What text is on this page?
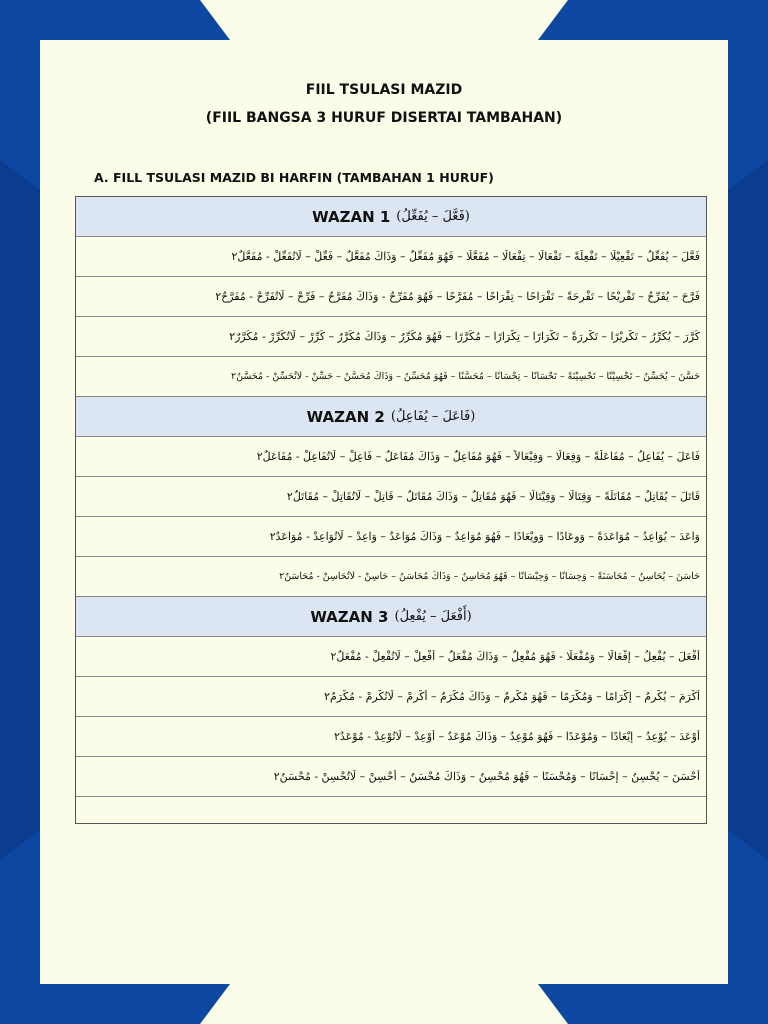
FIIL TSULASI MAZID
(FIIL BANGSA 3 HURUF DISERTAI TAMBAHAN)
A. FILL TSULASI MAZID BI HARFIN (TAMBAHAN 1 HURUF)
WAZAN 1 (فَعَّلَ – يُفَعِّلُ)
فَعَّلَ – يُفَعِّلُ – تَفْعِيْلًا – تَفْعِلَةً – تَفْعَالًا – تِفْعَالًا – مُفَعَّلًا – فَهُوَ مُفَعِّلٌ – وَذَاكَ مُفَعَّلٌ – فَعِّلْ – لَاتُفَعِّلْ - مُفَعَّلٌ٢
فَرَّحَ – يُفَرِّحُ – تَفْرِيْحًا – تَفْرِحَةً – تَفْرَاحًا – تِفْرَاحًا – مُفَرَّحًا – فَهُوَ مُفَرِّحٌ - وَذَاكَ مُفَرَّحٌ – فَرِّحْ – لَاتُفَرِّحْ - مُفَرَّحٌ٢
كَرَّرَ – يُكَرِّرُ – تَكْرِيْرًا – تَكْرِرَةً – تَكْرَارًا – تِكْرَارًا – مُكَرَّرًا – فَهُوَ مُكَرِّرٌ – وَذَاكَ مُكَرَّرٌ – كَرِّرْ – لَاتُكَرِّرْ - مُكَرَّرٌ٢
حَسَّنَ – يُحَسِّنُ – تَحْسِيْنًا – تَحْسِيْنَةً – تَحْسَانًا – تِحْسَانًا – مُحَسَّنًا – فَهُوَ مُحَسِّنٌ – وَذَاكَ مُحَسَّنٌ – حَسِّنْ - لَاتُحَسِّنْ - مُحَسَّنٌ٢
WAZAN 2 (فَاعَلَ – يُفَاعِلُ)
فَاعَلَ – يُفَاعِلُ – مُفَاعَلَةً – وَفِعَالًا – وَفِيْعَالاً – فَهُوَ مُفَاعِلٌ – وَذَاكَ مُفَاعَلٌ – فَاعِلْ – لَاتُفَاعِلْ - مُفَاعَلٌ٢
قَاتَلَ – يُقَاتِلُ – مُقَاتَلَةً – وَقِتَالًا – وَقِيْتَالًا – فَهُوَ مُقَاتِلٌ – وَذَاكَ مُقَاتَلٌ – قَاتِلْ – لَاتُقَاتِلْ – مُقَاتَلٌ٢
وَاعَدَ – يُوَاعِدُ – مُوَاعَدَةً – وَوِعَادًا – وَوِيْعَادًا – فَهُوَ مُوَاعِدٌ – وَذَاكَ مُوَاعَدٌ – وَاعِدْ – لَاتُوَاعِدْ - مُوَاعَدٌ٢
حَاسَنَ – يُحَاسِنُ – مُحَاسَنَةً – وَحِسَانًا – وَحِيْسَانًا – فَهُوَ مُحَاسِنٌ – وَذَاكَ مُحَاسَنٌ – حَاسِنْ - لَاتُحَاسِنْ - مُحَاسَنٌ٢
WAZAN 3 (أَفْعَلَ – يُفْعِلُ)
أَفْعَلَ – يُفْعِلُ – إِفْعَالًا – وَمُفْعَلًا - فَهُوَ مُفْعِلٌ – وَذَاكَ مُفْعَلٌ – أَفْعِلْ – لَاتُفْعِلْ - مُفْعَلٌ٢
أَكْرَمَ – يُكْرِمُ – إِكْرَامًا – وَمُكْرَمًا – فَهُوَ مُكْرِمٌ – وَذَاكَ مُكْرَمٌ – أَكْرِمْ – لَاتُكْرِمْ - مُكْرَمٌ٢
أَوْعَدَ – يُوْعِدُ – إِيْعَادًا – وَمُوْعَدًا – فَهُوَ مُوْعِدٌ – وَذَاكَ مُوْعَدٌ – أَوْعِدْ – لَاتُوْعِدْ - مُوْعَدٌ٢
أَحْسَنَ – يُحْسِنُ – إِحْسَانًا – وَمُحْسَنًا – فَهُوَ مُحْسِنٌ – وَذَاكَ مُحْسَنٌ – أَحْسِنْ – لَاتُحْسِنْ - مُحْسَنٌ٢
